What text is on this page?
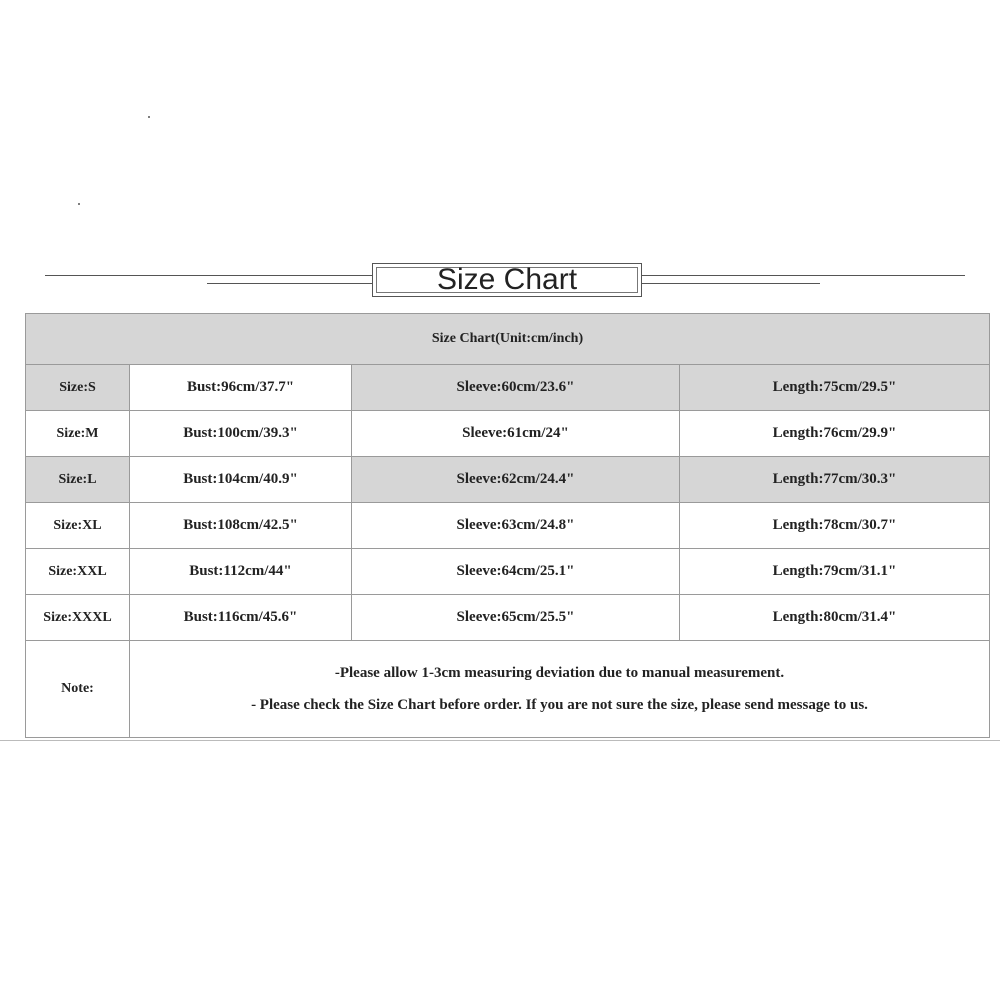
Size Chart
Size Chart(Unit:cm/inch)			
Size:S	Bust:96cm/37.7"	Sleeve:60cm/23.6"	Length:75cm/29.5"
Size:M	Bust:100cm/39.3"	Sleeve:61cm/24"	Length:76cm/29.9"
Size:L	Bust:104cm/40.9"	Sleeve:62cm/24.4"	Length:77cm/30.3"
Size:XL	Bust:108cm/42.5"	Sleeve:63cm/24.8"	Length:78cm/30.7"
Size:XXL	Bust:112cm/44"	Sleeve:64cm/25.1"	Length:79cm/31.1"
Size:XXXL	Bust:116cm/45.6"	Sleeve:65cm/25.5"	Length:80cm/31.4"
Note:	-Please allow 1-3cm measuring deviation due to manual measurement.
- Please check the Size Chart before order. If you are not sure the size, please send message to us.		
